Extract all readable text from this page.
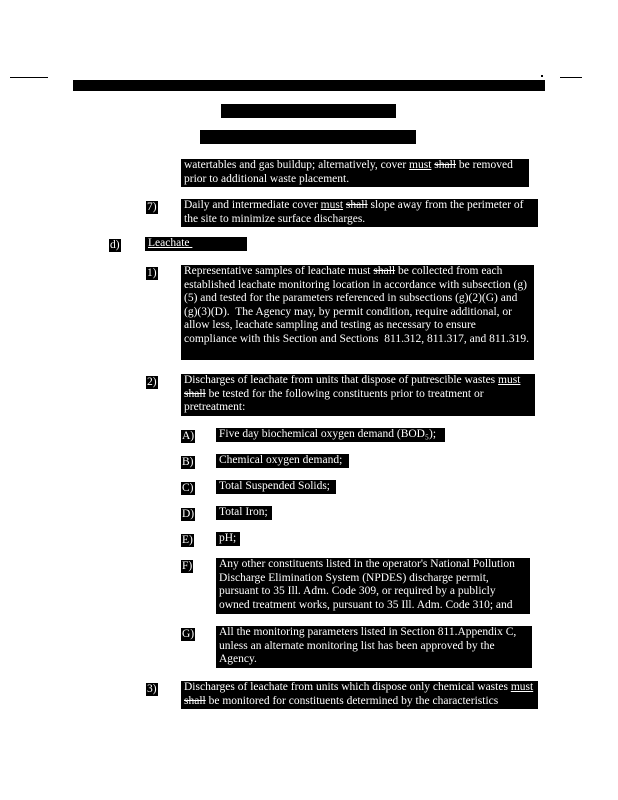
ILLINOIS REGISTER

POLLUTION CONTROL

NOTICE OF ADOPTED AMENDMENTS

watertables and gas buildup; alternatively, cover must shall be removed prior to additional waste placement.
7) Daily and intermediate cover must shall slope away from the perimeter of the site to minimize surface discharges.
d) Leachate Monitoring
1) Representative samples of leachate must shall be collected from each established leachate monitoring location in accordance with subsection (g)(5) and tested for the parameters referenced in subsections (g)(2)(G) and (g)(3)(D).  The Agency may, by permit condition, require additional, or allow less, leachate sampling and testing as necessary to ensure compliance with this Section and Sections  811.312, 811.317, and 811.319.
2) Discharges of leachate from units that dispose of putrescible wastes must shall be tested for the following constituents prior to treatment or pretreatment:
A) Five day biochemical oxygen demand (BOD₅);
B) Chemical oxygen demand;
C) Total Suspended Solids;
D) Total Iron;
E) pH;
F) Any other constituents listed in the operator's National Pollution Discharge Elimination System (NPDES) discharge permit, pursuant to 35 Ill. Adm. Code 309, or required by a publicly owned treatment works, pursuant to 35 Ill. Adm. Code 310; and
G) All the monitoring parameters listed in Section 811.Appendix C, unless an alternate monitoring list has been approved by the Agency.
3) Discharges of leachate from units which dispose only chemical wastes must shall be monitored for constituents determined by the characteristics
